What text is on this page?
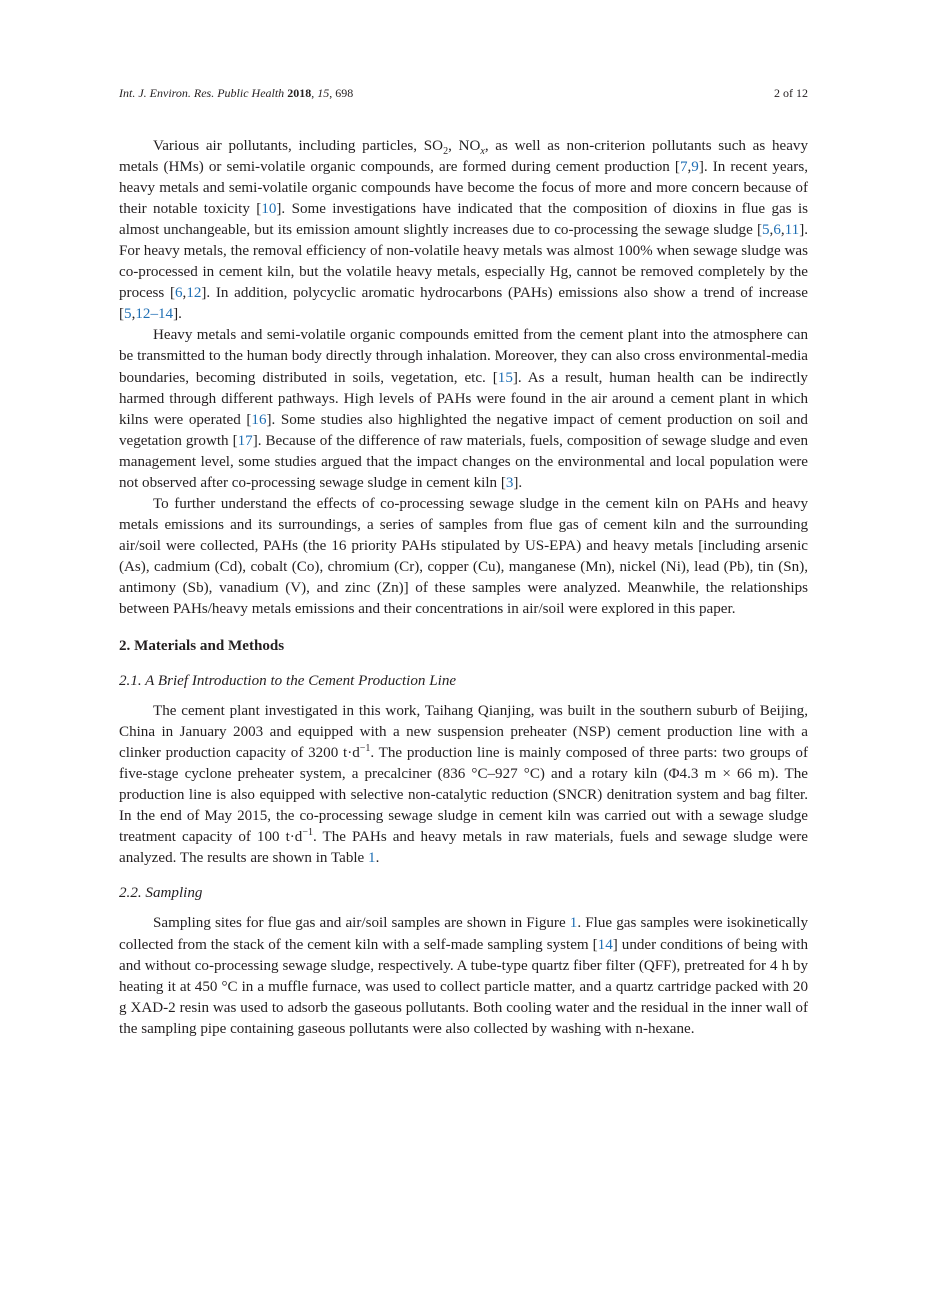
Int. J. Environ. Res. Public Health 2018, 15, 698	2 of 12

Various air pollutants, including particles, $SO_2$, $NO_x$, as well as non-criterion pollutants such as heavy metals (HMs) or semi-volatile organic compounds, are formed during cement production [7,9]. In recent years, heavy metals and semi-volatile organic compounds have become the focus of more and more concern because of their notable toxicity [10]. Some investigations have indicated that the composition of dioxins in flue gas is almost unchangeable, but its emission amount slightly increases due to co-processing the sewage sludge [5,6,11]. For heavy metals, the removal efficiency of non-volatile heavy metals was almost 100% when sewage sludge was co-processed in cement kiln, but the volatile heavy metals, especially Hg, cannot be removed completely by the process [6,12]. In addition, polycyclic aromatic hydrocarbons (PAHs) emissions also show a trend of increase [5,12–14].

Heavy metals and semi-volatile organic compounds emitted from the cement plant into the atmosphere can be transmitted to the human body directly through inhalation. Moreover, they can also cross environmental-media boundaries, becoming distributed in soils, vegetation, etc. [15]. As a result, human health can be indirectly harmed through different pathways. High levels of PAHs were found in the air around a cement plant in which kilns were operated [16]. Some studies also highlighted the negative impact of cement production on soil and vegetation growth [17]. Because of the difference of raw materials, fuels, composition of sewage sludge and even management level, some studies argued that the impact changes on the environmental and local population were not observed after co-processing sewage sludge in cement kiln [3].

To further understand the effects of co-processing sewage sludge in the cement kiln on PAHs and heavy metals emissions and its surroundings, a series of samples from flue gas of cement kiln and the surrounding air/soil were collected, PAHs (the 16 priority PAHs stipulated by US-EPA) and heavy metals [including arsenic (As), cadmium (Cd), cobalt (Co), chromium (Cr), copper (Cu), manganese (Mn), nickel (Ni), lead (Pb), tin (Sn), antimony (Sb), vanadium (V), and zinc (Zn)] of these samples were analyzed. Meanwhile, the relationships between PAHs/heavy metals emissions and their concentrations in air/soil were explored in this paper.

2. Materials and Methods
2.1. A Brief Introduction to the Cement Production Line

The cement plant investigated in this work, Taihang Qianjing, was built in the southern suburb of Beijing, China in January 2003 and equipped with a new suspension preheater (NSP) cement production line with a clinker production capacity of 3200 $t\cdot d^{-1}$. The production line is mainly composed of three parts: two groups of five-stage cyclone preheater system, a precalciner (836 °C–927 °C) and a rotary kiln (Φ4.3 m × 66 m). The production line is also equipped with selective non-catalytic reduction (SNCR) denitration system and bag filter. In the end of May 2015, the co-processing sewage sludge in cement kiln was carried out with a sewage sludge treatment capacity of 100 $t\cdot d^{-1}$. The PAHs and heavy metals in raw materials, fuels and sewage sludge were analyzed. The results are shown in Table 1.

2.2. Sampling

Sampling sites for flue gas and air/soil samples are shown in Figure 1. Flue gas samples were isokinetically collected from the stack of the cement kiln with a self-made sampling system [14] under conditions of being with and without co-processing sewage sludge, respectively. A tube-type quartz fiber filter (QFF), pretreated for 4 h by heating it at 450 °C in a muffle furnace, was used to collect particle matter, and a quartz cartridge packed with 20 g XAD-2 resin was used to adsorb the gaseous pollutants. Both cooling water and the residual in the inner wall of the sampling pipe containing gaseous pollutants were also collected by washing with n-hexane.
